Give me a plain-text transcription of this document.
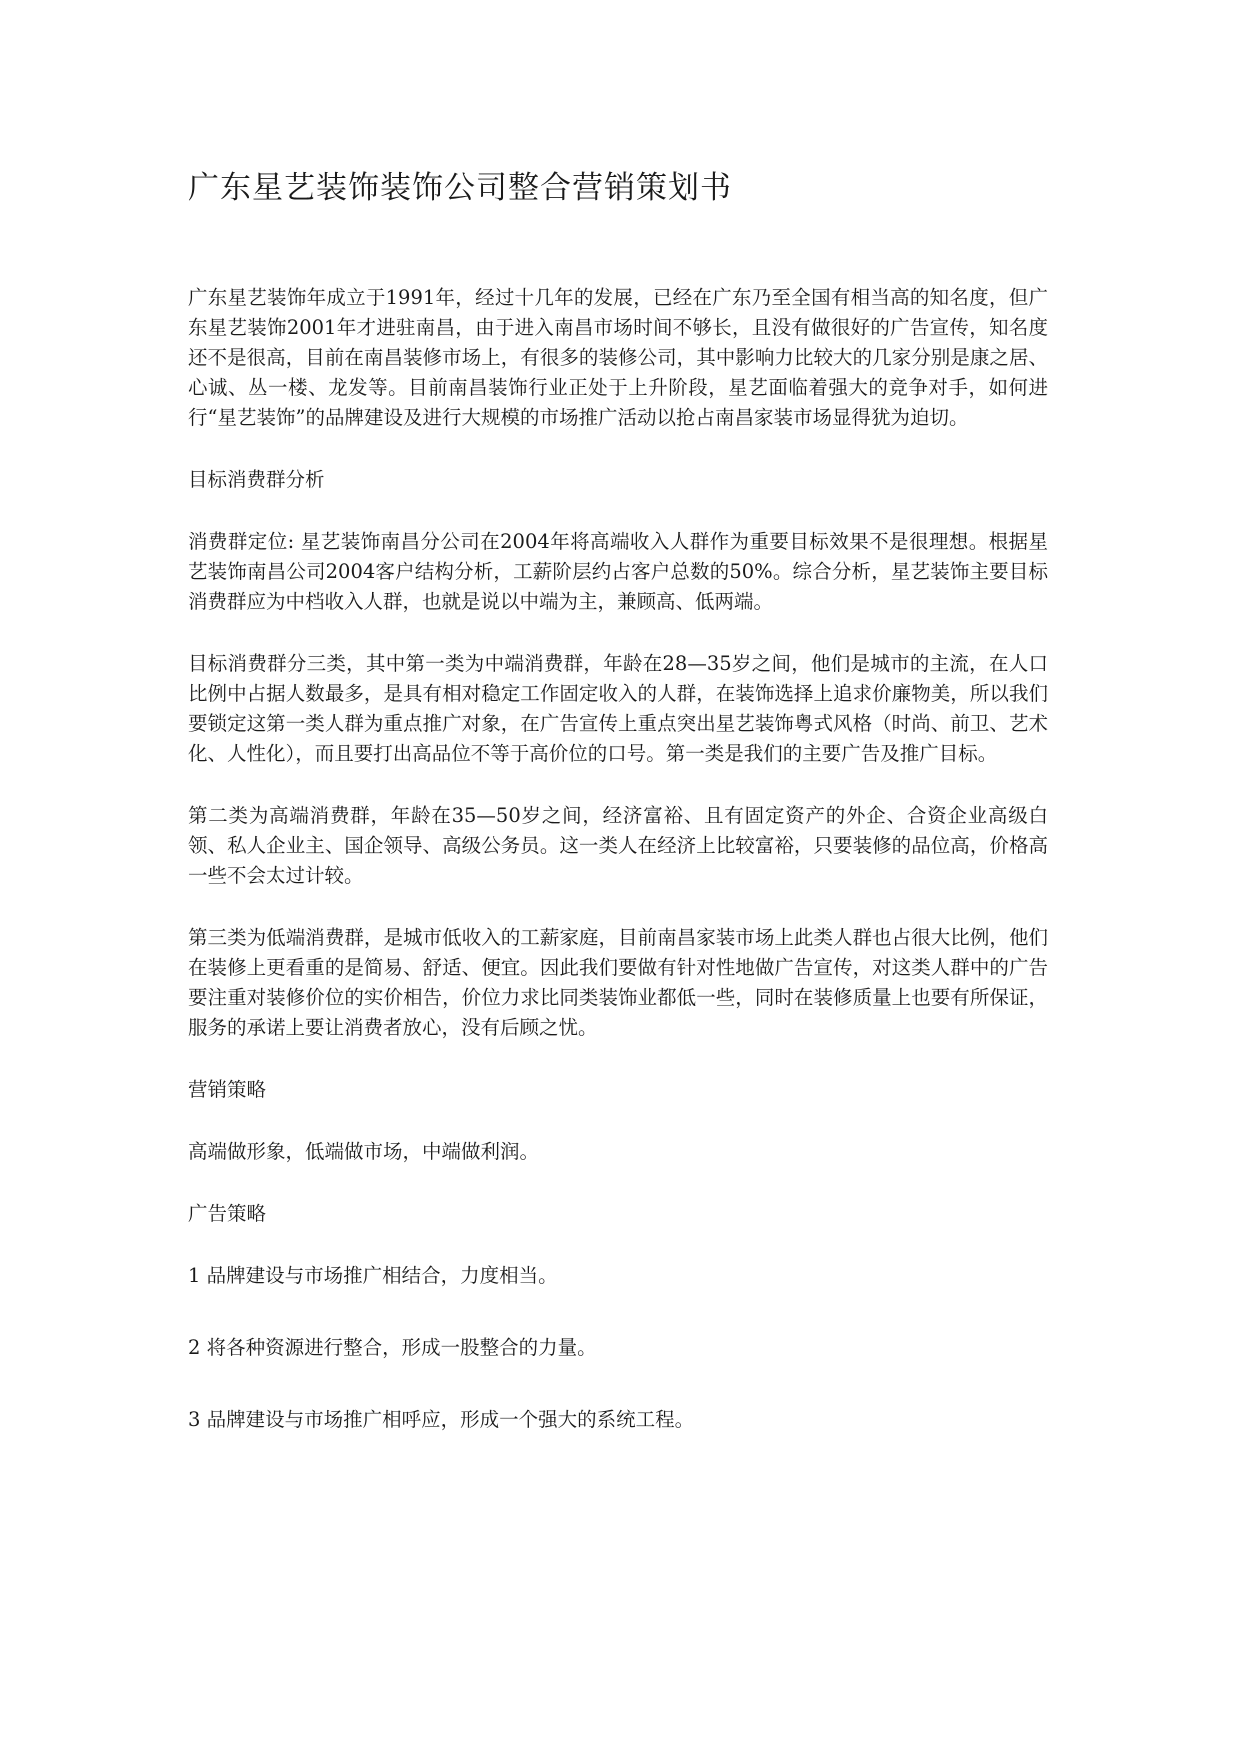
广东星艺装饰装饰公司整合营销策划书

广东星艺装饰年成立于1991年，经过十几年的发展，已经在广东乃至全国有相当高的知名度，但广东星艺装饰2001年才进驻南昌，由于进入南昌市场时间不够长，且没有做很好的广告宣传，知名度还不是很高，目前在南昌装修市场上，有很多的装修公司，其中影响力比较大的几家分别是康之居、心诚、丛一楼、龙发等。目前南昌装饰行业正处于上升阶段，星艺面临着强大的竞争对手，如何进行“星艺装饰”的品牌建设及进行大规模的市场推广活动以抢占南昌家装市场显得犹为迫切。

目标消费群分析

消费群定位: 星艺装饰南昌分公司在2004年将高端收入人群作为重要目标效果不是很理想。根据星艺装饰南昌公司2004客户结构分析，工薪阶层约占客户总数的50%。综合分析，星艺装饰主要目标消费群应为中档收入人群，也就是说以中端为主，兼顾高、低两端。

目标消费群分三类，其中第一类为中端消费群，年龄在28—35岁之间，他们是城市的主流，在人口比例中占据人数最多，是具有相对稳定工作固定收入的人群，在装饰选择上追求价廉物美，所以我们要锁定这第一类人群为重点推广对象，在广告宣传上重点突出星艺装饰粤式风格（时尚、前卫、艺术化、人性化），而且要打出高品位不等于高价位的口号。第一类是我们的主要广告及推广目标。

第二类为高端消费群，年龄在35—50岁之间，经济富裕、且有固定资产的外企、合资企业高级白领、私人企业主、国企领导、高级公务员。这一类人在经济上比较富裕，只要装修的品位高，价格高一些不会太过计较。

第三类为低端消费群，是城市低收入的工薪家庭，目前南昌家装市场上此类人群也占很大比例，他们在装修上更看重的是简易、舒适、便宜。因此我们要做有针对性地做广告宣传，对这类人群中的广告要注重对装修价位的实价相告，价位力求比同类装饰业都低一些，同时在装修质量上也要有所保证，服务的承诺上要让消费者放心，没有后顾之忧。

营销策略

高端做形象，低端做市场，中端做利润。

广告策略

1 品牌建设与市场推广相结合，力度相当。

2 将各种资源进行整合，形成一股整合的力量。

3 品牌建设与市场推广相呼应，形成一个强大的系统工程。
